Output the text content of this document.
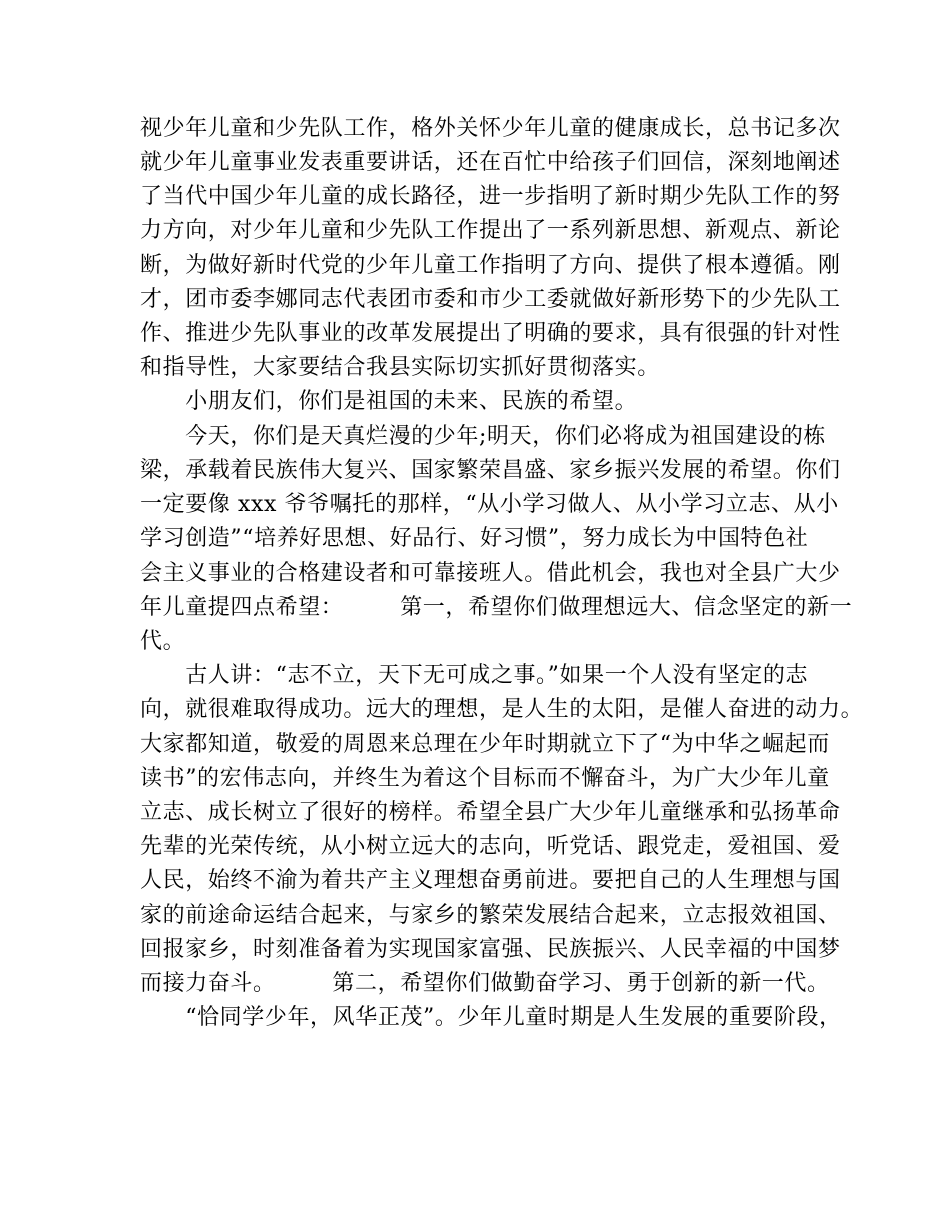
视少年儿童和少先队工作，格外关怀少年儿童的健康成长，总书记多次
就少年儿童事业发表重要讲话，还在百忙中给孩子们回信，深刻地阐述
了当代中国少年儿童的成长路径，进一步指明了新时期少先队工作的努
力方向，对少年儿童和少先队工作提出了一系列新思想、新观点、新论
断，为做好新时代党的少年儿童工作指明了方向、提供了根本遵循。刚
才，团市委李娜同志代表团市委和市少工委就做好新形势下的少先队工
作、推进少先队事业的改革发展提出了明确的要求，具有很强的针对性
和指导性，大家要结合我县实际切实抓好贯彻落实。
　　小朋友们，你们是祖国的未来、民族的希望。
　　今天，你们是天真烂漫的少年;明天，你们必将成为祖国建设的栋
梁，承载着民族伟大复兴、国家繁荣昌盛、家乡振兴发展的希望。你们
一定要像 xxx 爷爷嘱托的那样，“从小学习做人、从小学习立志、从小
学习创造”“培养好思想、好品行、好习惯”，努力成长为中国特色社
会主义事业的合格建设者和可靠接班人。借此机会，我也对全县广大少
年儿童提四点希望：　　　第一，希望你们做理想远大、信念坚定的新一
代。
　　古人讲：“志不立，天下无可成之事。”如果一个人没有坚定的志
向，就很难取得成功。远大的理想，是人生的太阳，是催人奋进的动力。
大家都知道，敬爱的周恩来总理在少年时期就立下了“为中华之崛起而
读书”的宏伟志向，并终生为着这个目标而不懈奋斗，为广大少年儿童
立志、成长树立了很好的榜样。希望全县广大少年儿童继承和弘扬革命
先辈的光荣传统，从小树立远大的志向，听党话、跟党走，爱祖国、爱
人民，始终不渝为着共产主义理想奋勇前进。要把自己的人生理想与国
家的前途命运结合起来，与家乡的繁荣发展结合起来，立志报效祖国、
回报家乡，时刻准备着为实现国家富强、民族振兴、人民幸福的中国梦
而接力奋斗。　　　第二，希望你们做勤奋学习、勇于创新的新一代。
　　“恰同学少年，风华正茂”。少年儿童时期是人生发展的重要阶段，
